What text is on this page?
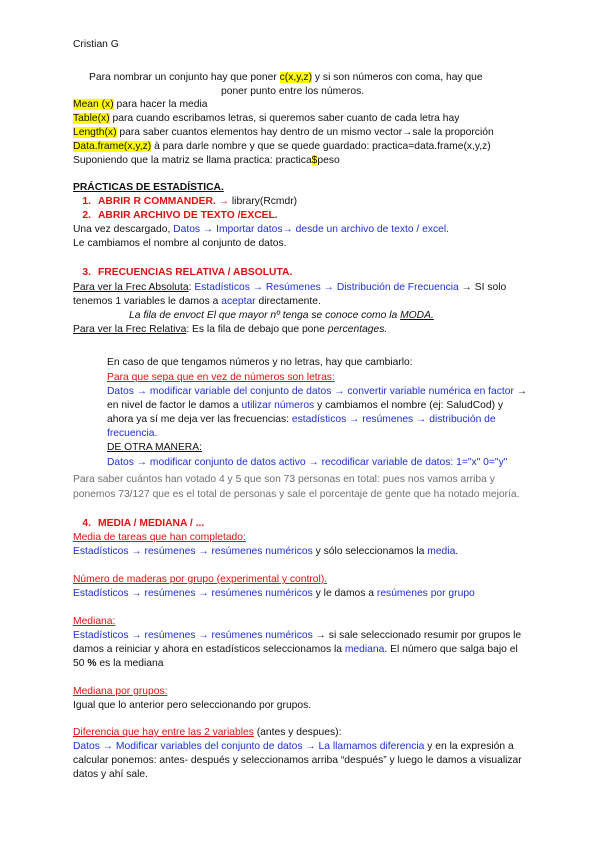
Cristian G
Para nombrar un conjunto hay que poner c(x,y,z) y si son números con coma, hay que
poner punto entre los números.
Mean (x) para hacer la media
Table(x) para cuando escribamos letras, si queremos saber cuanto de cada letra hay
Length(x) para saber cuantos elementos hay dentro de un mismo vector→sale la proporción
Data.frame(x,y,z) à para darle nombre y que se quede guardado: practica=data.frame(x,y,z)
Suponiendo que la matriz se llama practica: practica$peso
PRÁCTICAS DE ESTADÍSTICA.
1. ABRIR R COMMANDER. → library(Rcmdr)
2. ABRIR ARCHIVO DE TEXTO /EXCEL.
Una vez descargado, Datos → Importar datos→ desde un archivo de texto / excel.
Le cambiamos el nombre al conjunto de datos.
3. FRECUENCIAS RELATIVA / ABSOLUTA.
Para ver la Frec Absoluta: Estadísticos → Resúmenes → Distribución de Frecuencia → SI solo
tenemos 1 variables le damos a aceptar directamente.
La fila de envoct El que mayor nº tenga se conoce como la MODA.
Para ver la Frec Relativa: Es la fila de debajo que pone percentages.
En caso de que tengamos números y no letras, hay que cambiarlo:
Para que sepa que en vez de números son letras:
Datos → modificar variable del conjunto de datos → convertir variable numérica en factor →
en nivel de factor le damos a utilizar números y cambiamos el nombre (ej: SaludCod) y
ahora ya sí me deja ver las frecuencias: estadísticos → resúmenes → distribución de
frecuencia.
DE OTRA MANERA:
Datos → modificar conjunto de datos activo → recodificar variable de datos: 1="x" 0="y"
Para saber cuántos han votado 4 y 5 que son 73 personas en total: pues nos vamos arriba y
ponemos 73/127 que es el total de personas y sale el porcentaje de gente que ha notado mejoría.
4. MEDIA / MEDIANA / ...
Media de tareas que han completado:
Estadísticos → resúmenes → resúmenes numéricos y sólo seleccionamos la media.
Número de maderas por grupo (experimental y control).
Estadísticos → resúmenes → resúmenes numéricos y le damos a resúmenes por grupo
Mediana:
Estadísticos → resúmenes → resúmenes numéricos → si sale seleccionado resumir por grupos le
damos a reiniciar y ahora en estadísticos seleccionamos la mediana. El número que salga bajo el
50 % es la mediana
Mediana por grupos:
Igual que lo anterior pero seleccionando por grupos.
Diferencia que hay entre las 2 variables (antes y despues):
Datos → Modificar variables del conjunto de datos → La llamamos diferencia y en la expresión a
calcular ponemos: antes- después y seleccionamos arriba “después” y luego le damos a visualizar
datos y ahí sale.
